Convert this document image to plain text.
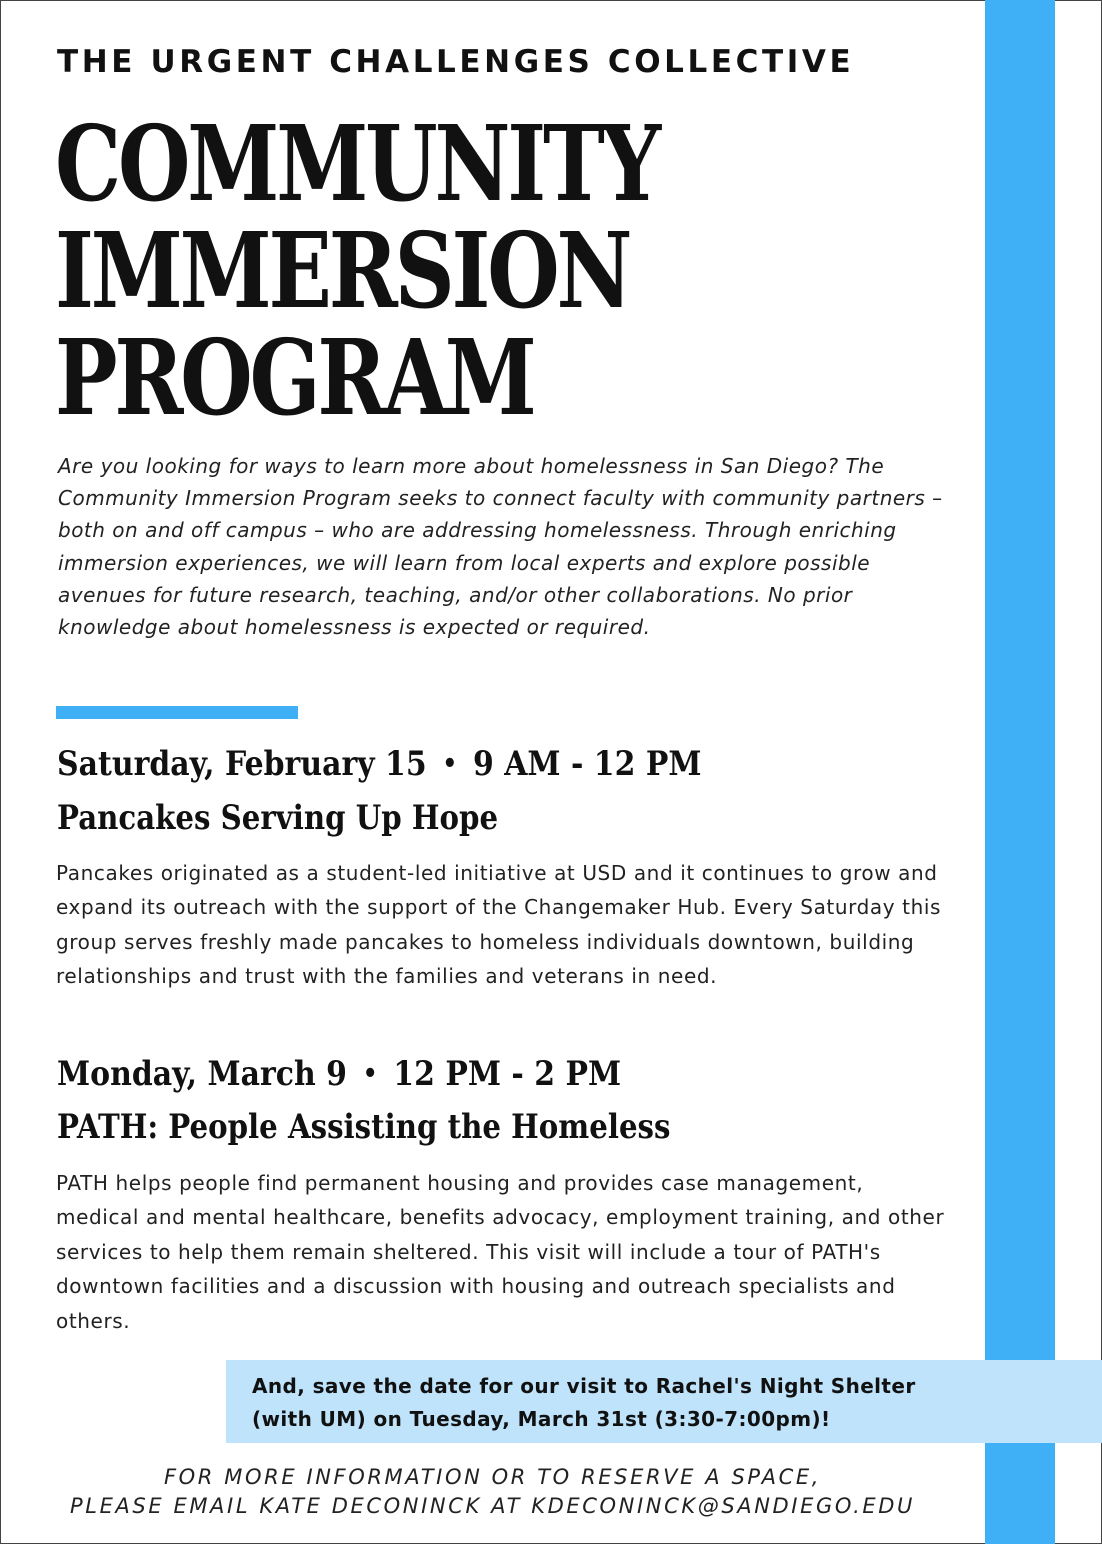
THE URGENT CHALLENGES COLLECTIVE
COMMUNITY
IMMERSION
PROGRAM

Are you looking for ways to learn more about homelessness in San Diego? The Community Immersion Program seeks to connect faculty with community partners – both on and off campus – who are addressing homelessness. Through enriching immersion experiences, we will learn from local experts and explore possible avenues for future research, teaching, and/or other collaborations. No prior knowledge about homelessness is expected or required.

Saturday, February 15 • 9 AM - 12 PM
Pancakes Serving Up Hope

Pancakes originated as a student-led initiative at USD and it continues to grow and expand its outreach with the support of the Changemaker Hub. Every Saturday this group serves freshly made pancakes to homeless individuals downtown, building relationships and trust with the families and veterans in need.

Monday, March 9 • 12 PM - 2 PM
PATH: People Assisting the Homeless

PATH helps people find permanent housing and provides case management, medical and mental healthcare, benefits advocacy, employment training, and other services to help them remain sheltered. This visit will include a tour of PATH's downtown facilities and a discussion with housing and outreach specialists and others.

And, save the date for our visit to Rachel's Night Shelter (with UM) on Tuesday, March 31st (3:30-7:00pm)!

FOR MORE INFORMATION OR TO RESERVE A SPACE,
PLEASE EMAIL KATE DECONINCK AT KDECONINCK@SANDIEGO.EDU
